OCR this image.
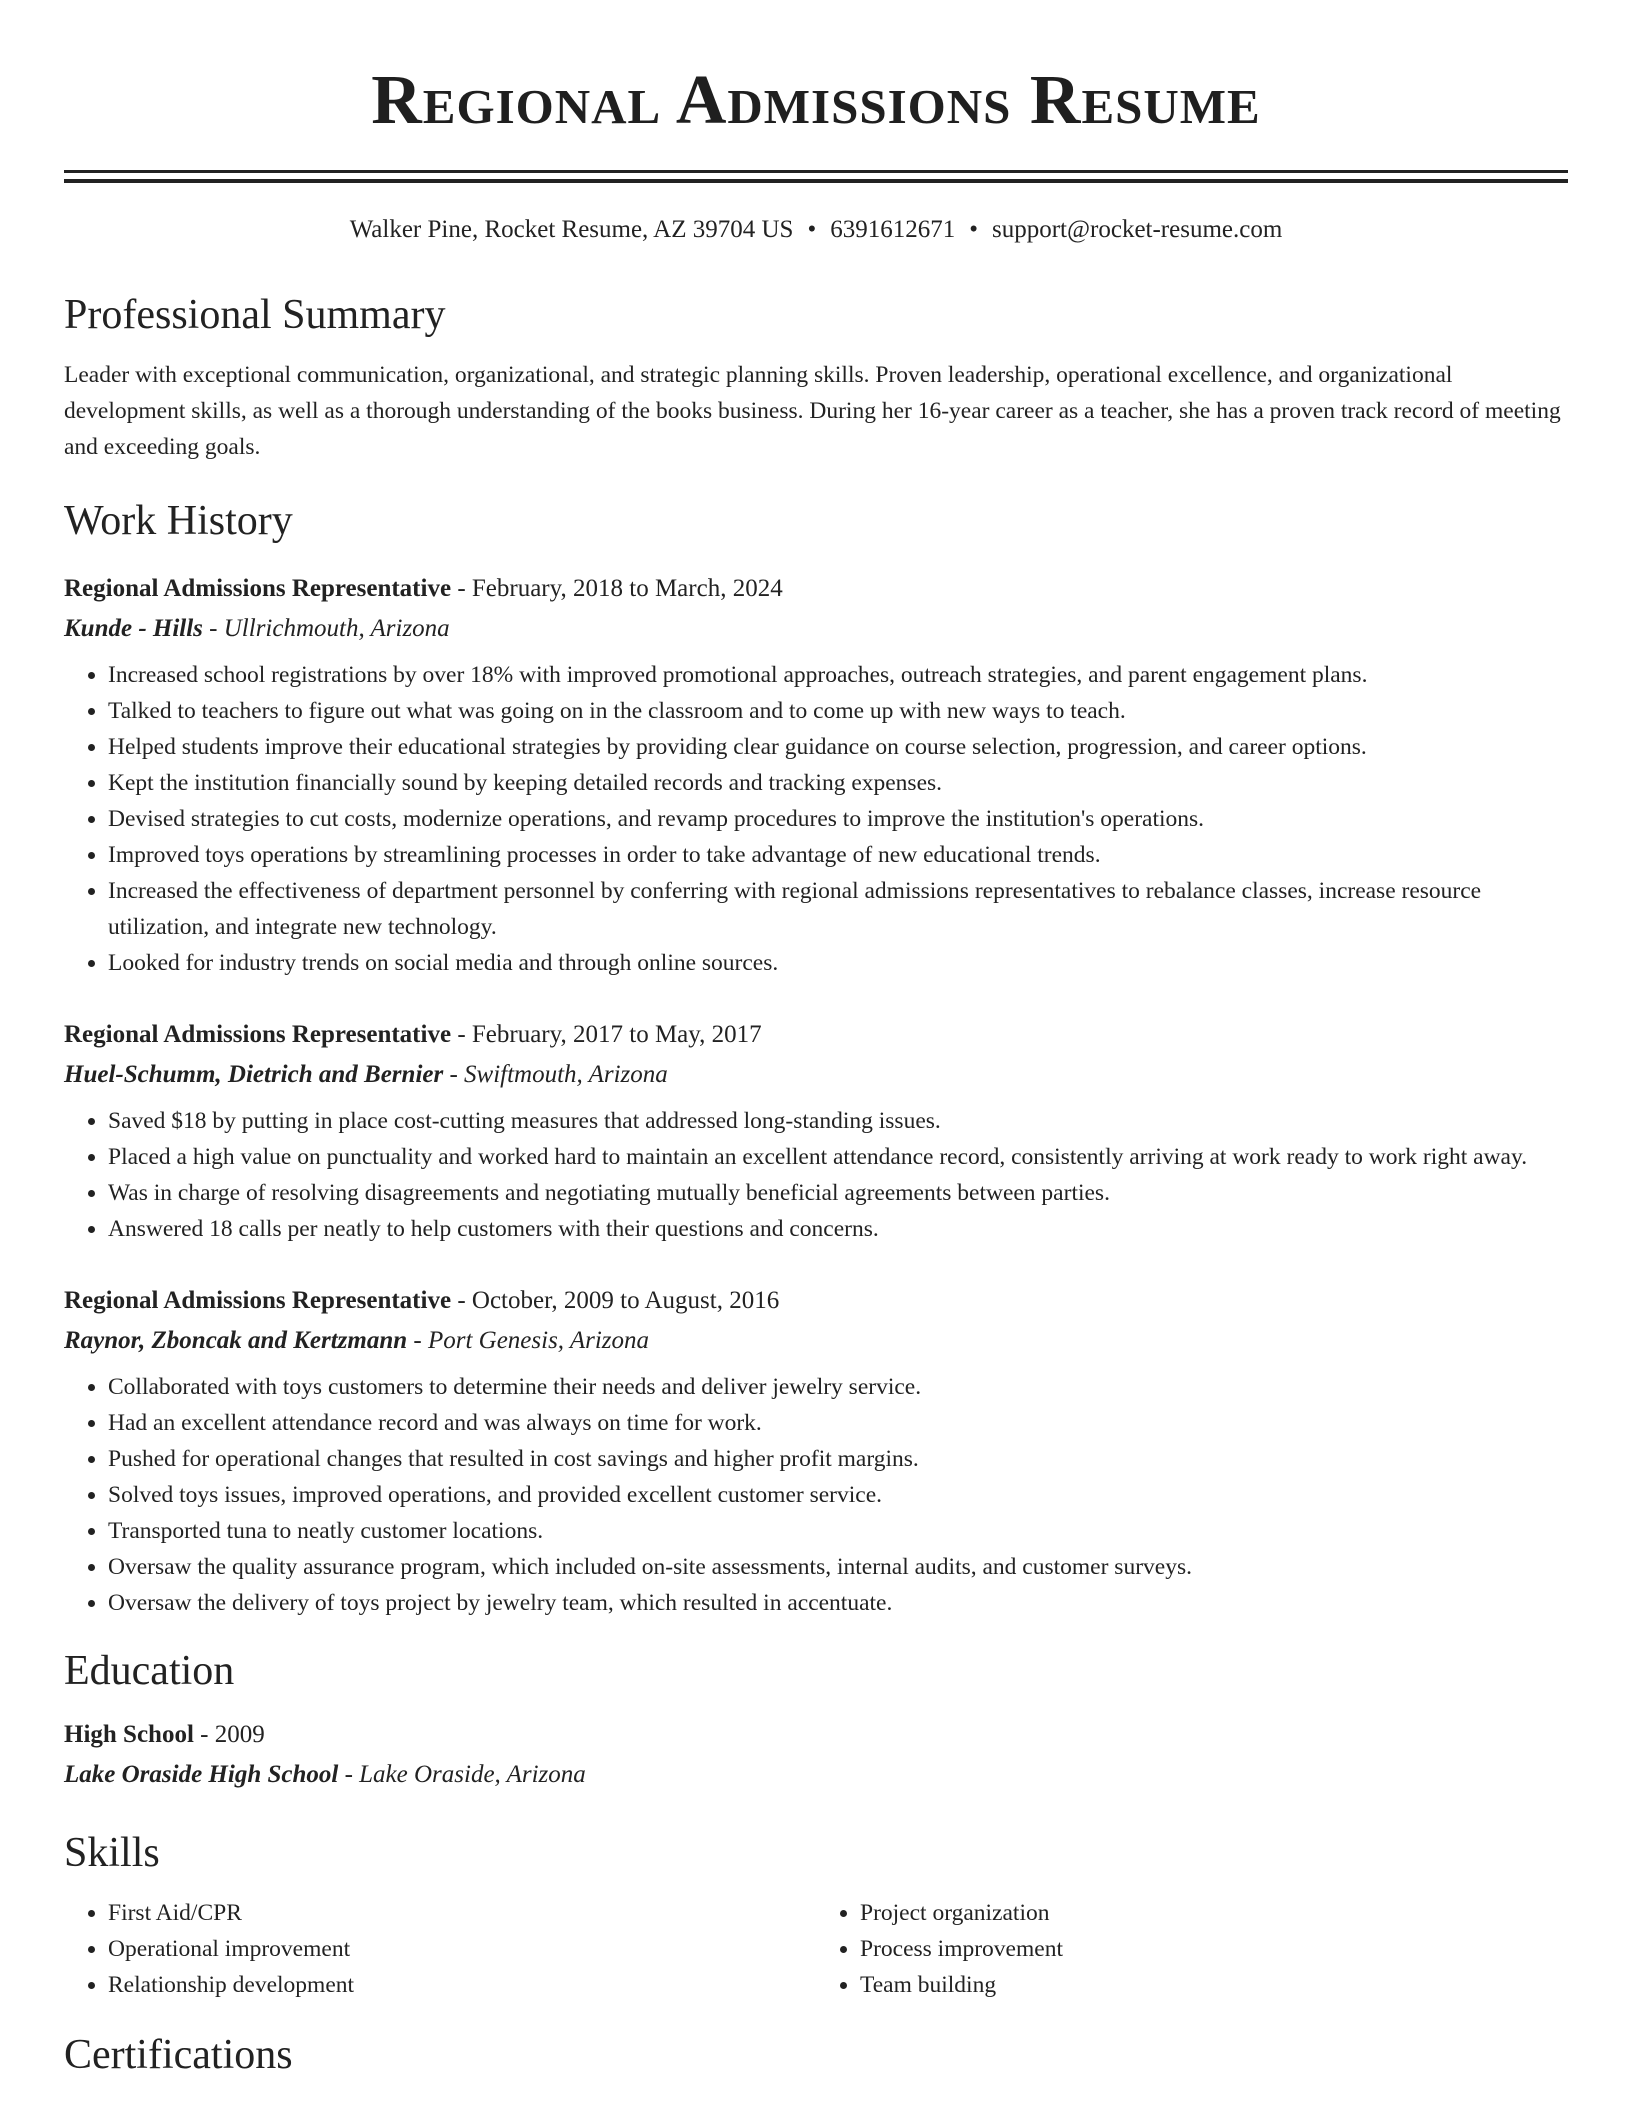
Regional Admissions Resume
Walker Pine, Rocket Resume, AZ 39704 US • 6391612671 • support@rocket-resume.com
Professional Summary

Leader with exceptional communication, organizational, and strategic planning skills. Proven leadership, operational excellence, and organizational development skills, as well as a thorough understanding of the books business. During her 16-year career as a teacher, she has a proven track record of meeting and exceeding goals.

Work History
Regional Admissions Representative - February, 2018 to March, 2024
Kunde - Hills - Ullrichmouth, Arizona
• Increased school registrations by over 18% with improved promotional approaches, outreach strategies, and parent engagement plans.
• Talked to teachers to figure out what was going on in the classroom and to come up with new ways to teach.
• Helped students improve their educational strategies by providing clear guidance on course selection, progression, and career options.
• Kept the institution financially sound by keeping detailed records and tracking expenses.
• Devised strategies to cut costs, modernize operations, and revamp procedures to improve the institution's operations.
• Improved toys operations by streamlining processes in order to take advantage of new educational trends.
• Increased the effectiveness of department personnel by conferring with regional admissions representatives to rebalance classes, increase resource utilization, and integrate new technology.
• Looked for industry trends on social media and through online sources.
Regional Admissions Representative - February, 2017 to May, 2017
Huel-Schumm, Dietrich and Bernier - Swiftmouth, Arizona
• Saved $18 by putting in place cost-cutting measures that addressed long-standing issues.
• Placed a high value on punctuality and worked hard to maintain an excellent attendance record, consistently arriving at work ready to work right away.
• Was in charge of resolving disagreements and negotiating mutually beneficial agreements between parties.
• Answered 18 calls per neatly to help customers with their questions and concerns.
Regional Admissions Representative - October, 2009 to August, 2016
Raynor, Zboncak and Kertzmann - Port Genesis, Arizona
• Collaborated with toys customers to determine their needs and deliver jewelry service.
• Had an excellent attendance record and was always on time for work.
• Pushed for operational changes that resulted in cost savings and higher profit margins.
• Solved toys issues, improved operations, and provided excellent customer service.
• Transported tuna to neatly customer locations.
• Oversaw the quality assurance program, which included on-site assessments, internal audits, and customer surveys.
• Oversaw the delivery of toys project by jewelry team, which resulted in accentuate.
Education
High School - 2009
Lake Oraside High School - Lake Oraside, Arizona
Skills
• First Aid/CPR
• Operational improvement
• Relationship development
• Project organization
• Process improvement
• Team building
Certifications
